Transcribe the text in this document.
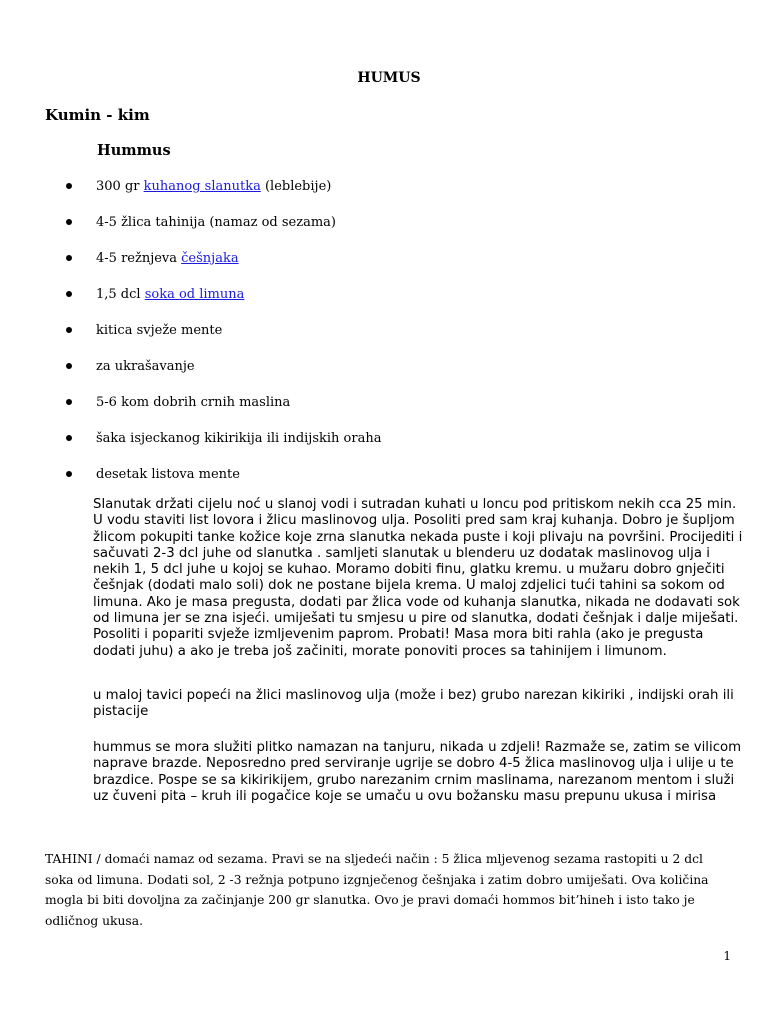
HUMUS
Kumin - kim
Hummus
300 gr kuhanog slanutka (leblebije)
4-5 žlica tahinija (namaz od sezama)
4-5 režnjeva češnjaka
1,5 dcl soka od limuna
kitica svježe mente
za ukrašavanje
5-6 kom dobrih crnih maslina
šaka isjeckanog kikirikija ili indijskih oraha
desetak listova mente

Slanutak držati cijelu noć u slanoj vodi i sutradan kuhati u loncu pod pritiskom nekih cca 25 min. U vodu staviti list lovora i žlicu maslinovog ulja. Posoliti pred sam kraj kuhanja. Dobro je šupljom žlicom pokupiti tanke kožice koje zrna slanutka nekada puste i koji plivaju na površini. Procijediti i sačuvati 2-3 dcl juhe od slanutka . samljeti slanutak u blenderu uz dodatak maslinovog ulja i nekih 1, 5 dcl juhe u kojoj se kuhao. Moramo dobiti finu, glatku kremu. u mužaru dobro gnječiti češnjak (dodati malo soli) dok ne postane bijela krema. U maloj zdjelici tući tahini sa sokom od limuna. Ako je masa pregusta, dodati par žlica vode od kuhanja slanutka, nikada ne dodavati sok od limuna jer se zna isjeći. umiješati tu smjesu u pire od slanutka, dodati češnjak i dalje miješati. Posoliti i popariti svježe izmljevenim paprom. Probati! Masa mora biti rahla (ako je pregusta dodati juhu) a ako je treba još začiniti, morate ponoviti proces sa tahinijem i limunom.

u maloj tavici popeći na žlici maslinovog ulja (može i bez) grubo narezan kikiriki , indijski orah ili pistacije

hummus se mora služiti plitko namazan na tanjuru, nikada u zdjeli! Razmaže se, zatim se vilicom naprave brazde. Neposredno pred serviranje ugrije se dobro 4-5 žlica maslinovog ulja i ulije u te brazdice. Pospe se sa kikirikijem, grubo narezanim crnim maslinama, narezanom mentom i služi uz čuveni pita – kruh ili pogačice koje se umaču u ovu božansku masu prepunu ukusa i mirisa

TAHINI / domaći namaz od sezama. Pravi se na sljedeći način : 5 žlica mljevenog sezama rastopiti u 2 dcl soka od limuna. Dodati sol, 2 -3 režnja potpuno izgnječenog češnjaka i zatim dobro umiješati. Ova količina mogla bi biti dovoljna za začinjanje 200 gr slanutka. Ovo je pravi domaći hommos bit’hineh i isto tako je odličnog ukusa.

1
